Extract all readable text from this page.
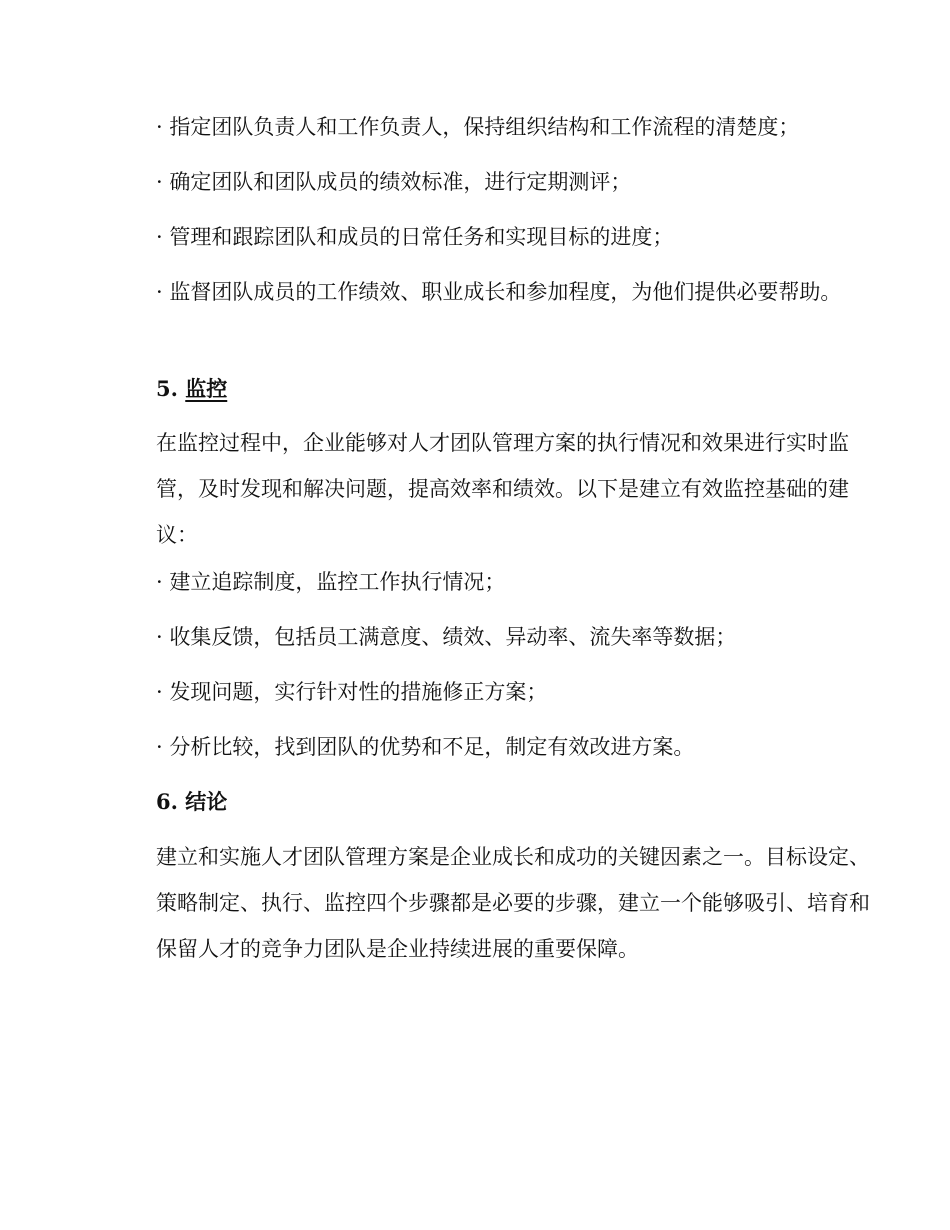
· 指定团队负责人和工作负责人，保持组织结构和工作流程的清楚度；

· 确定团队和团队成员的绩效标准，进行定期测评；

· 管理和跟踪团队和成员的日常任务和实现目标的进度；

· 监督团队成员的工作绩效、职业成长和参加程度，为他们提供必要帮助。

5. 监控

在监控过程中，企业能够对人才团队管理方案的执行情况和效果进行实时监管，及时发现和解决问题，提高效率和绩效。以下是建立有效监控基础的建议：

· 建立追踪制度，监控工作执行情况；

· 收集反馈，包括员工满意度、绩效、异动率、流失率等数据；

· 发现问题，实行针对性的措施修正方案；

· 分析比较，找到团队的优势和不足，制定有效改进方案。

6. 结论

建立和实施人才团队管理方案是企业成长和成功的关键因素之一。目标设定、策略制定、执行、监控四个步骤都是必要的步骤，建立一个能够吸引、培育和保留人才的竞争力团队是企业持续进展的重要保障。
